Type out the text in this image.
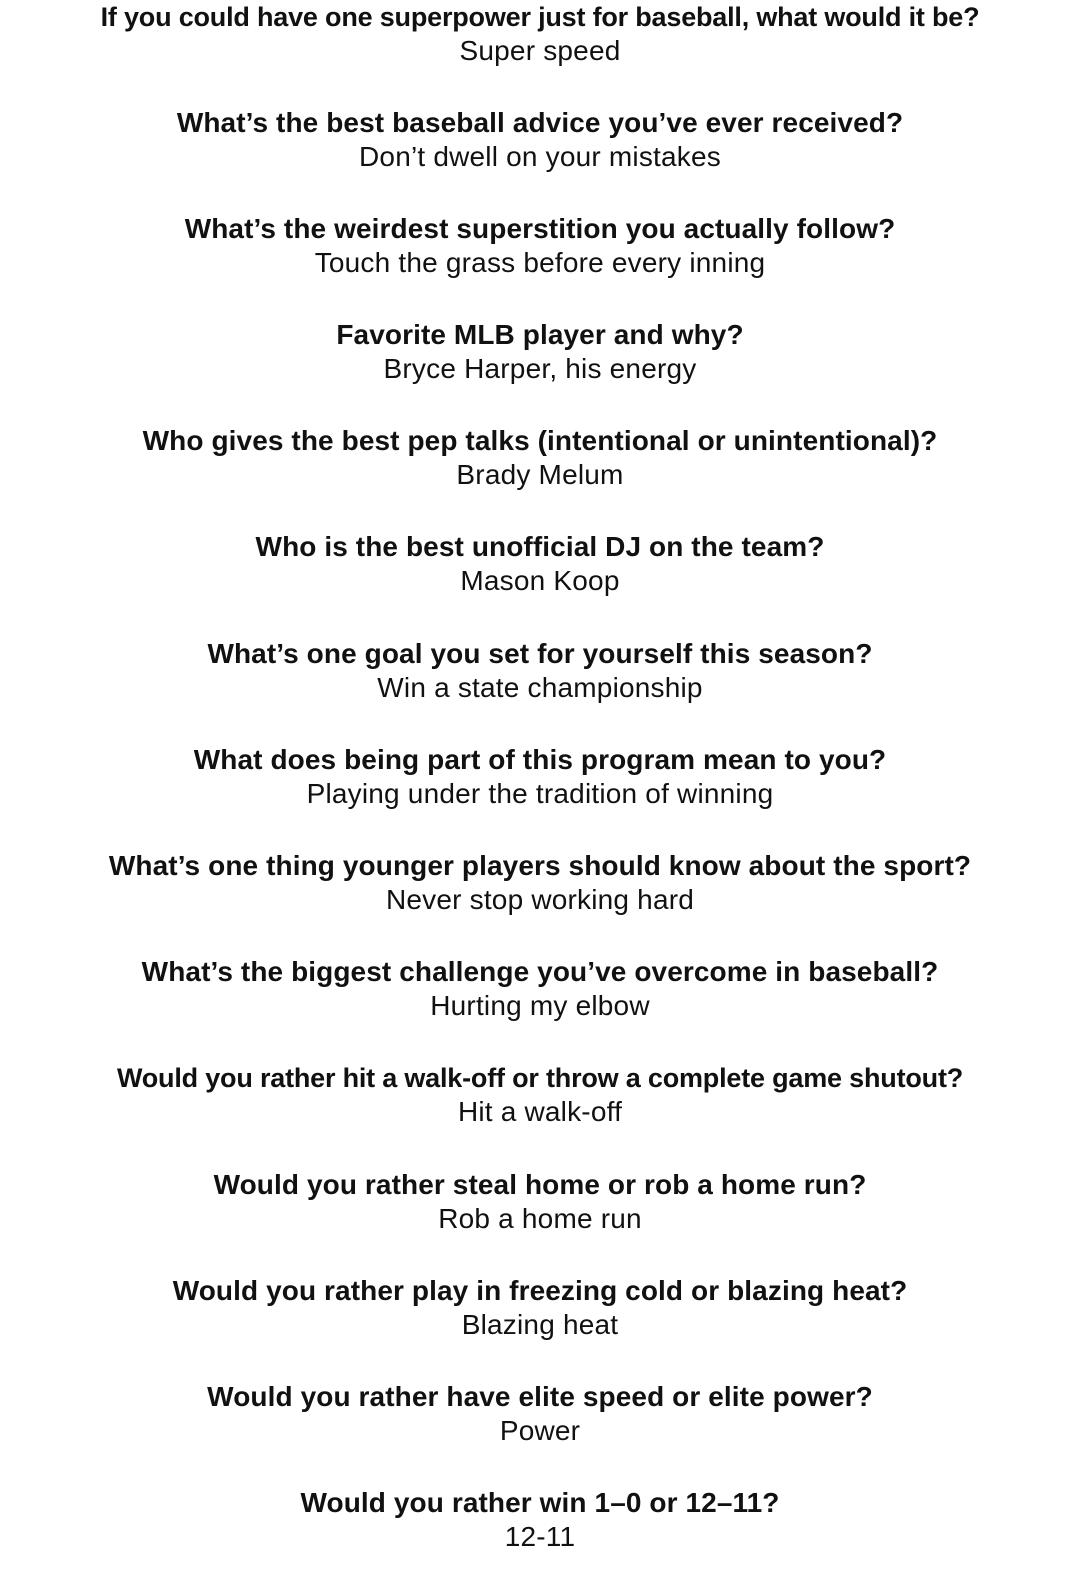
If you could have one superpower just for baseball, what would it be?
Super speed
What’s the best baseball advice you’ve ever received?
Don’t dwell on your mistakes
What’s the weirdest superstition you actually follow?
Touch the grass before every inning
Favorite MLB player and why?
Bryce Harper, his energy
Who gives the best pep talks (intentional or unintentional)?
Brady Melum
Who is the best unofficial DJ on the team?
Mason Koop
What’s one goal you set for yourself this season?
Win a state championship
What does being part of this program mean to you?
Playing under the tradition of winning
What’s one thing younger players should know about the sport?
Never stop working hard
What’s the biggest challenge you’ve overcome in baseball?
Hurting my elbow
Would you rather hit a walk-off or throw a complete game shutout?
Hit a walk-off
Would you rather steal home or rob a home run?
Rob a home run
Would you rather play in freezing cold or blazing heat?
Blazing heat
Would you rather have elite speed or elite power?
Power
Would you rather win 1–0 or 12–11?
12-11
